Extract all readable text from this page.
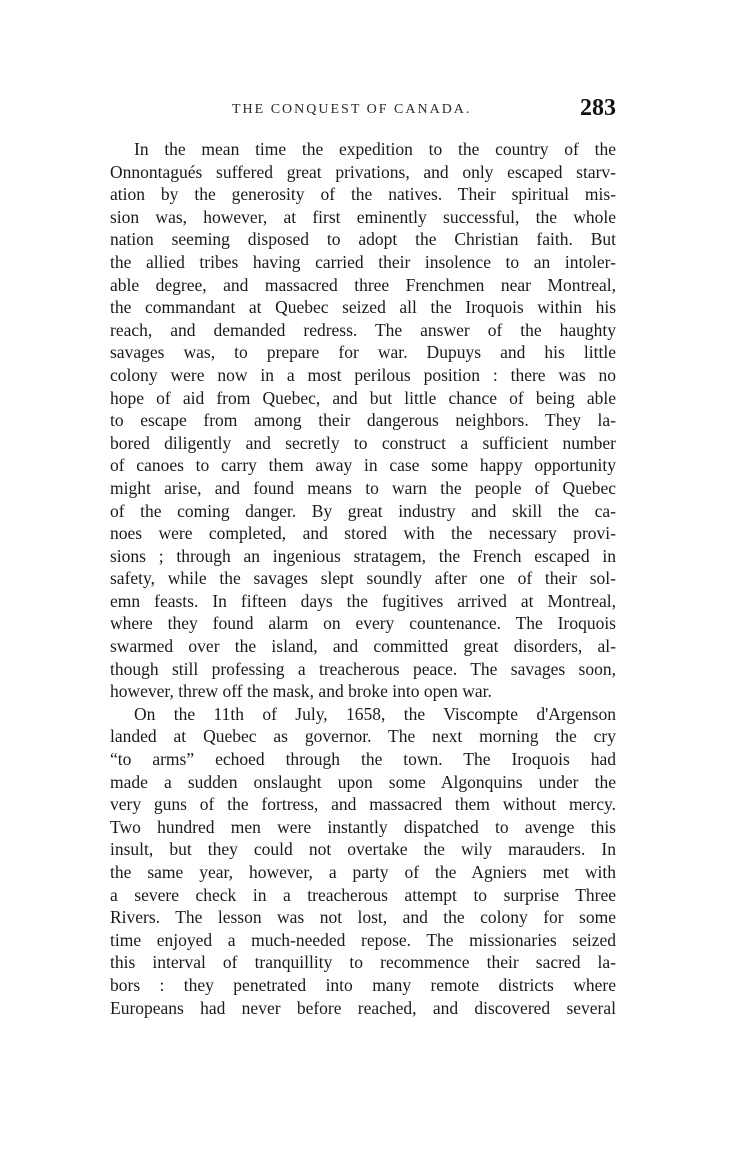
THE CONQUEST OF CANADA.	283
In the mean time the expedition to the country of the
Onnontagués suffered great privations, and only escaped starv-
ation by the generosity of the natives. Their spiritual mis-
sion was, however, at first eminently successful, the whole
nation seeming disposed to adopt the Christian faith. But
the allied tribes having carried their insolence to an intoler-
able degree, and massacred three Frenchmen near Montreal,
the commandant at Quebec seized all the Iroquois within his
reach, and demanded redress. The answer of the haughty
savages was, to prepare for war. Dupuys and his little
colony were now in a most perilous position : there was no
hope of aid from Quebec, and but little chance of being able
to escape from among their dangerous neighbors. They la-
bored diligently and secretly to construct a sufficient number
of canoes to carry them away in case some happy opportunity
might arise, and found means to warn the people of Quebec
of the coming danger. By great industry and skill the ca-
noes were completed, and stored with the necessary provi-
sions ; through an ingenious stratagem, the French escaped in
safety, while the savages slept soundly after one of their sol-
emn feasts. In fifteen days the fugitives arrived at Montreal,
where they found alarm on every countenance. The Iroquois
swarmed over the island, and committed great disorders, al-
though still professing a treacherous peace. The savages soon,
however, threw off the mask, and broke into open war.
On the 11th of July, 1658, the Viscompte d'Argenson
landed at Quebec as governor. The next morning the cry
“to arms” echoed through the town. The Iroquois had
made a sudden onslaught upon some Algonquins under the
very guns of the fortress, and massacred them without mercy.
Two hundred men were instantly dispatched to avenge this
insult, but they could not overtake the wily marauders. In
the same year, however, a party of the Agniers met with
a severe check in a treacherous attempt to surprise Three
Rivers. The lesson was not lost, and the colony for some
time enjoyed a much-needed repose. The missionaries seized
this interval of tranquillity to recommence their sacred la-
bors : they penetrated into many remote districts where
Europeans had never before reached, and discovered several
